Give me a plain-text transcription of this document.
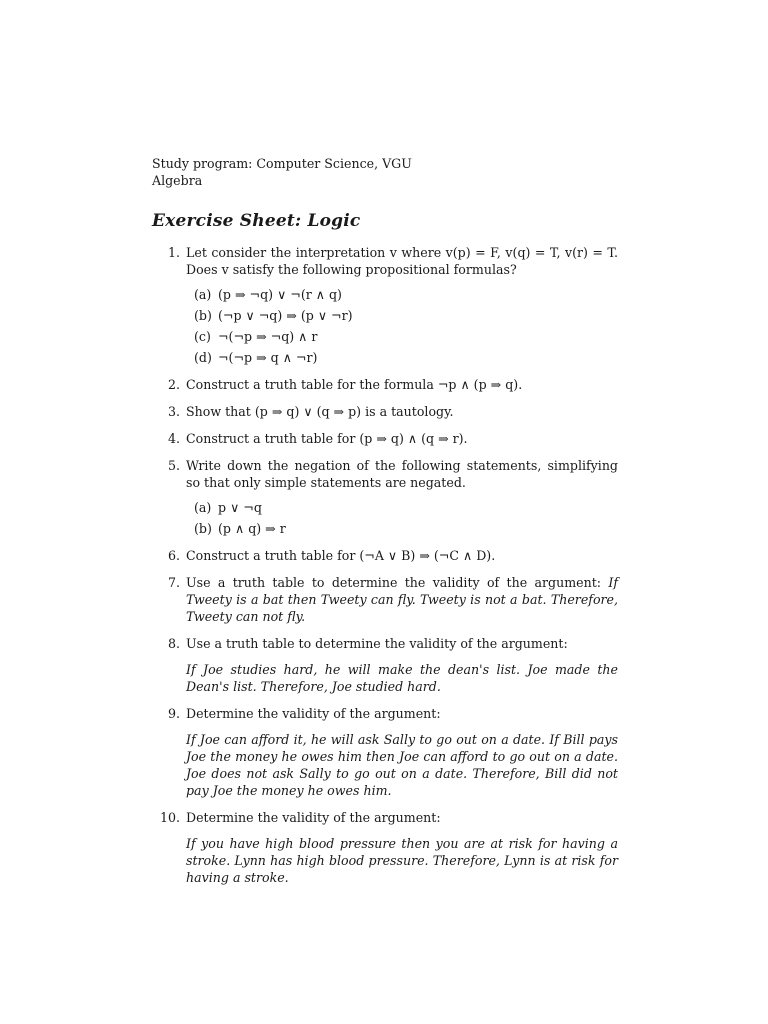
Study program: Computer Science, VGU

Algebra

Exercise Sheet: Logic
1. Let consider the interpretation v where v(p) = F, v(q) = T, v(r) = T. Does v satisfy the following propositional formulas?
(a) (p ⇒ ¬q) ∨ ¬(r ∧ q)
(b) (¬p ∨ ¬q) ⇒ (p ∨ ¬r)
(c) ¬(¬p ⇒ ¬q) ∧ r
(d) ¬(¬p ⇒ q ∧ ¬r)
2. Construct a truth table for the formula ¬p ∧ (p ⇒ q).
3. Show that (p ⇒ q) ∨ (q ⇒ p) is a tautology.
4. Construct a truth table for (p ⇒ q) ∧ (q ⇒ r).
5. Write down the negation of the following statements, simplifying so that only simple statements are negated.
(a) p ∨ ¬q
(b) (p ∧ q) ⇒ r
6. Construct a truth table for (¬A ∨ B) ⇒ (¬C ∧ D).
7. Use a truth table to determine the validity of the argument: If Tweety is a bat then Tweety can fly. Tweety is not a bat. Therefore, Tweety can not fly.
8. Use a truth table to determine the validity of the argument:
If Joe studies hard, he will make the dean's list. Joe made the Dean's list. Therefore, Joe studied hard.
9. Determine the validity of the argument:
If Joe can afford it, he will ask Sally to go out on a date. If Bill pays Joe the money he owes him then Joe can afford to go out on a date. Joe does not ask Sally to go out on a date. Therefore, Bill did not pay Joe the money he owes him.
10. Determine the validity of the argument:
If you have high blood pressure then you are at risk for having a stroke. Lynn has high blood pressure. Therefore, Lynn is at risk for having a stroke.
